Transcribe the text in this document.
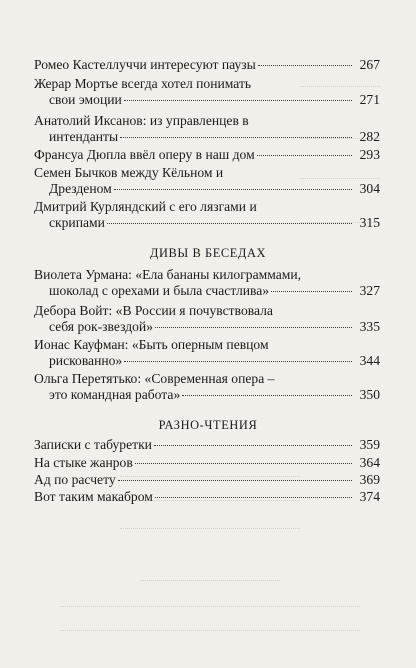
Ромео Кастеллуччи интересуют паузы	267
Жерар Мортье всегда хотел понимать
свои эмоции	271
Анатолий Иксанов: из управленцев в
интенданты	282
Франсуа Дюпла ввёл оперу в наш дом	293
Семен Бычков между Кёльном и
Дрезденом	304
Дмитрий Курляндский с его лязгами и
скрипами	315
ДИВЫ В БЕСЕДАХ
Виолета Урмана: «Ела бананы килограммами,
шоколад с орехами и была счастлива»	327
Дебора Войт: «В России я почувствовала
себя рок-звездой»	335
Ионас Кауфман: «Быть оперным певцом
рискованно»	344
Ольга Перетятько: «Современная опера –
это командная работа»	350
РАЗНО-ЧТЕНИЯ
Записки с табуретки	359
На стыке жанров	364
Ад по расчету	369
Вот таким макабром	374
